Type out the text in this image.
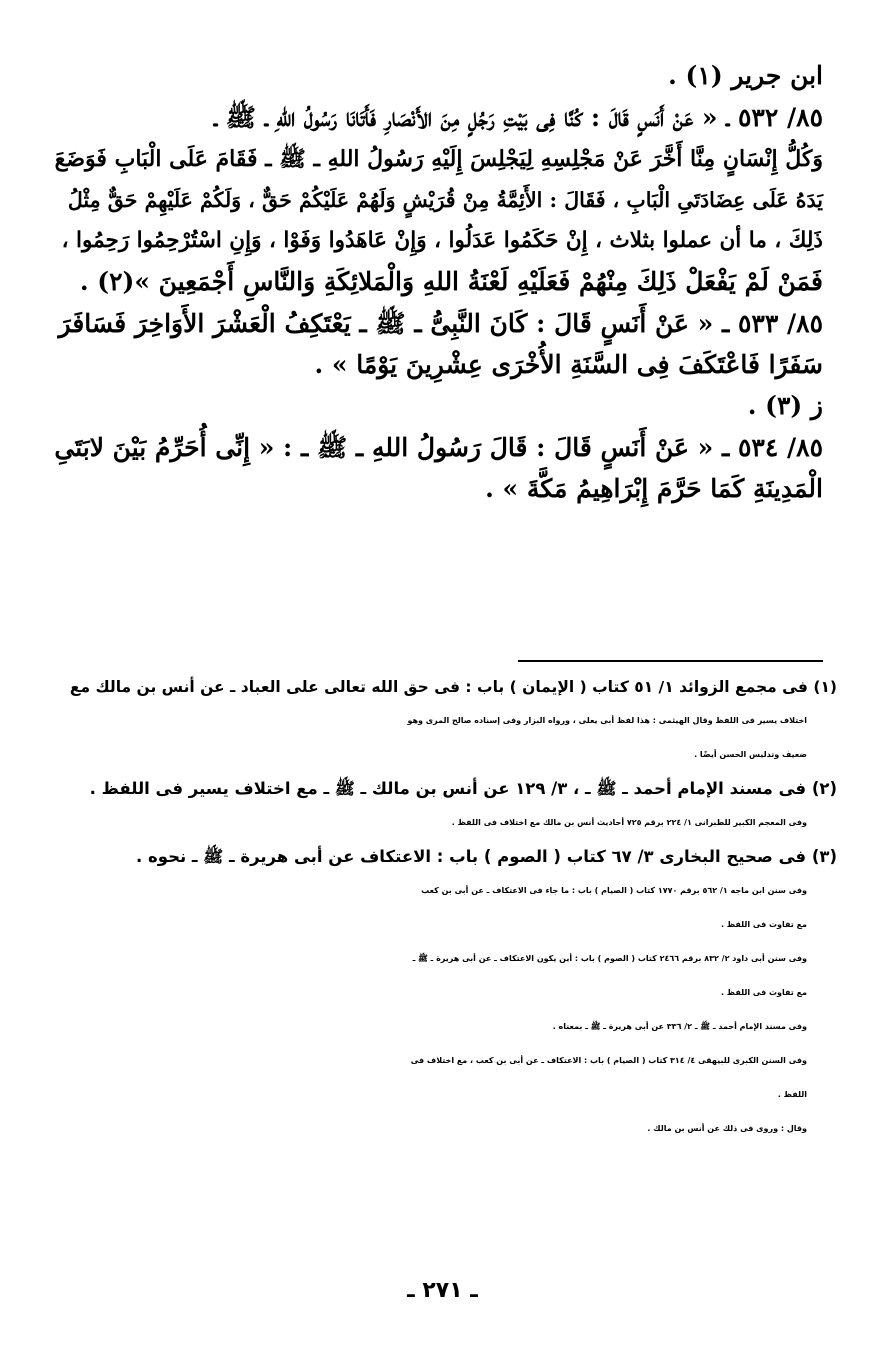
ابن جرير (١) .

٨٥/ ٥٣٢ ـ « عَنْ أَنَسٍ قَالَ : كُنَّا فِى بَيْتِ رَجُلٍ مِنَ الأَنْصَارِ فَأَتَانَا رَسُولُ اللهِ ـ ﷺ ـ

وَكُلُّ إِنْسَانٍ مِنَّا أَخَّرَ عَنْ مَجْلِسِهِ لِيَجْلِسَ إِلَيْهِ رَسُولُ اللهِ ـ ﷺ ـ فَقَامَ عَلَى الْبَابِ فَوَضَعَ

يَدَهُ عَلَى عِضَادَتَىِ الْبَابِ ، فَقَالَ : الأَئِمَّةُ مِنْ قُرَيْشٍ وَلَهُمْ عَلَيْكُمْ حَقٌّ ، وَلَكُمْ عَلَيْهِمْ حَقٌّ مِثْلُ

ذَلِكَ ، ما أن عملوا بثلاث ، إِنْ حَكَمُوا عَدَلُوا ، وَإِنْ عَاهَدُوا وَفَوْا ، وَإِنِ اسْتُرْحِمُوا رَحِمُوا ،

فَمَنْ لَمْ يَفْعَلْ ذَلِكَ مِنْهُمْ فَعَلَيْهِ لَعْنَةُ اللهِ وَالْمَلائِكَةِ وَالنَّاسِ أَجْمَعِينَ »(٢) .

٨٥/ ٥٣٣ ـ « عَنْ أَنَسٍ قَالَ : كَانَ النَّبِىُّ ـ ﷺ ـ يَعْتَكِفُ الْعَشْرَ الأَوَاخِرَ فَسَافَرَ

سَفَرًا فَاعْتَكَفَ فِى السَّنَةِ الأُخْرَى عِشْرِينَ يَوْمًا » .

ز (٣) .

٨٥/ ٥٣٤ ـ « عَنْ أَنَسٍ قَالَ : قَالَ رَسُولُ اللهِ ـ ﷺ ـ : « إِنِّى أُحَرِّمُ بَيْنَ لابَتَىِ

الْمَدِينَةِ كَمَا حَرَّمَ إِبْرَاهِيمُ مَكَّةَ » .

(١) فى مجمع الزوائد ١/ ٥١ كتاب ( الإيمان ) باب : فى حق الله تعالى على العباد ـ عن أنس بن مالك مع

اختلاف يسير فى اللفظ وقال الهيثمى : هذا لفظ أبى يعلى ، ورواه البزار وفى إسناده صالح المرى وهو

ضعيف وتدليس الحسن أيضًا .

(٢) فى مسند الإمام أحمد ـ ﷺ ـ ، ٣/ ١٢٩ عن أنس بن مالك ـ ﷺ ـ مع اختلاف يسير فى اللفظ .

وفى المعجم الكبير للطبرانى ١/ ٢٢٤ برقم ٧٢٥ أحاديث أنس بن مالك مع اختلاف فى اللفظ .

(٣) فى صحيح البخارى ٣/ ٦٧ كتاب ( الصوم ) باب : الاعتكاف عن أبى هريرة ـ ﷺ ـ نحوه .

وفى سنن ابن ماجه ١/ ٥٦٢ برقم ١٧٧٠ كتاب ( الصيام ) باب : ما جاء فى الاعتكاف ـ عن أبى بن كعب

مع تفاوت فى اللفظ .

وفى سنن أبى داود ٢/ ٨٣٢ برقم ٢٤٦٦ كتاب ( الصوم ) باب : أين يكون الاعتكاف ـ عن أبى هريرة ـ ﷺ ـ

مع تفاوت فى اللفظ .

وفى مسند الإمام أحمد ـ ﷺ ـ ٢/ ٣٣٦ عن أبى هريرة ـ ﷺ ـ بمعناه .

وفى السنن الكبرى للبيهقى ٤/ ٣١٤ كتاب ( الصيام ) باب : الاعتكاف ـ عن أبى بن كعب ، مع اختلاف فى

اللفظ .

وقال : وروى فى ذلك عن أنس بن مالك .

ـ ٢٧١ ـ
